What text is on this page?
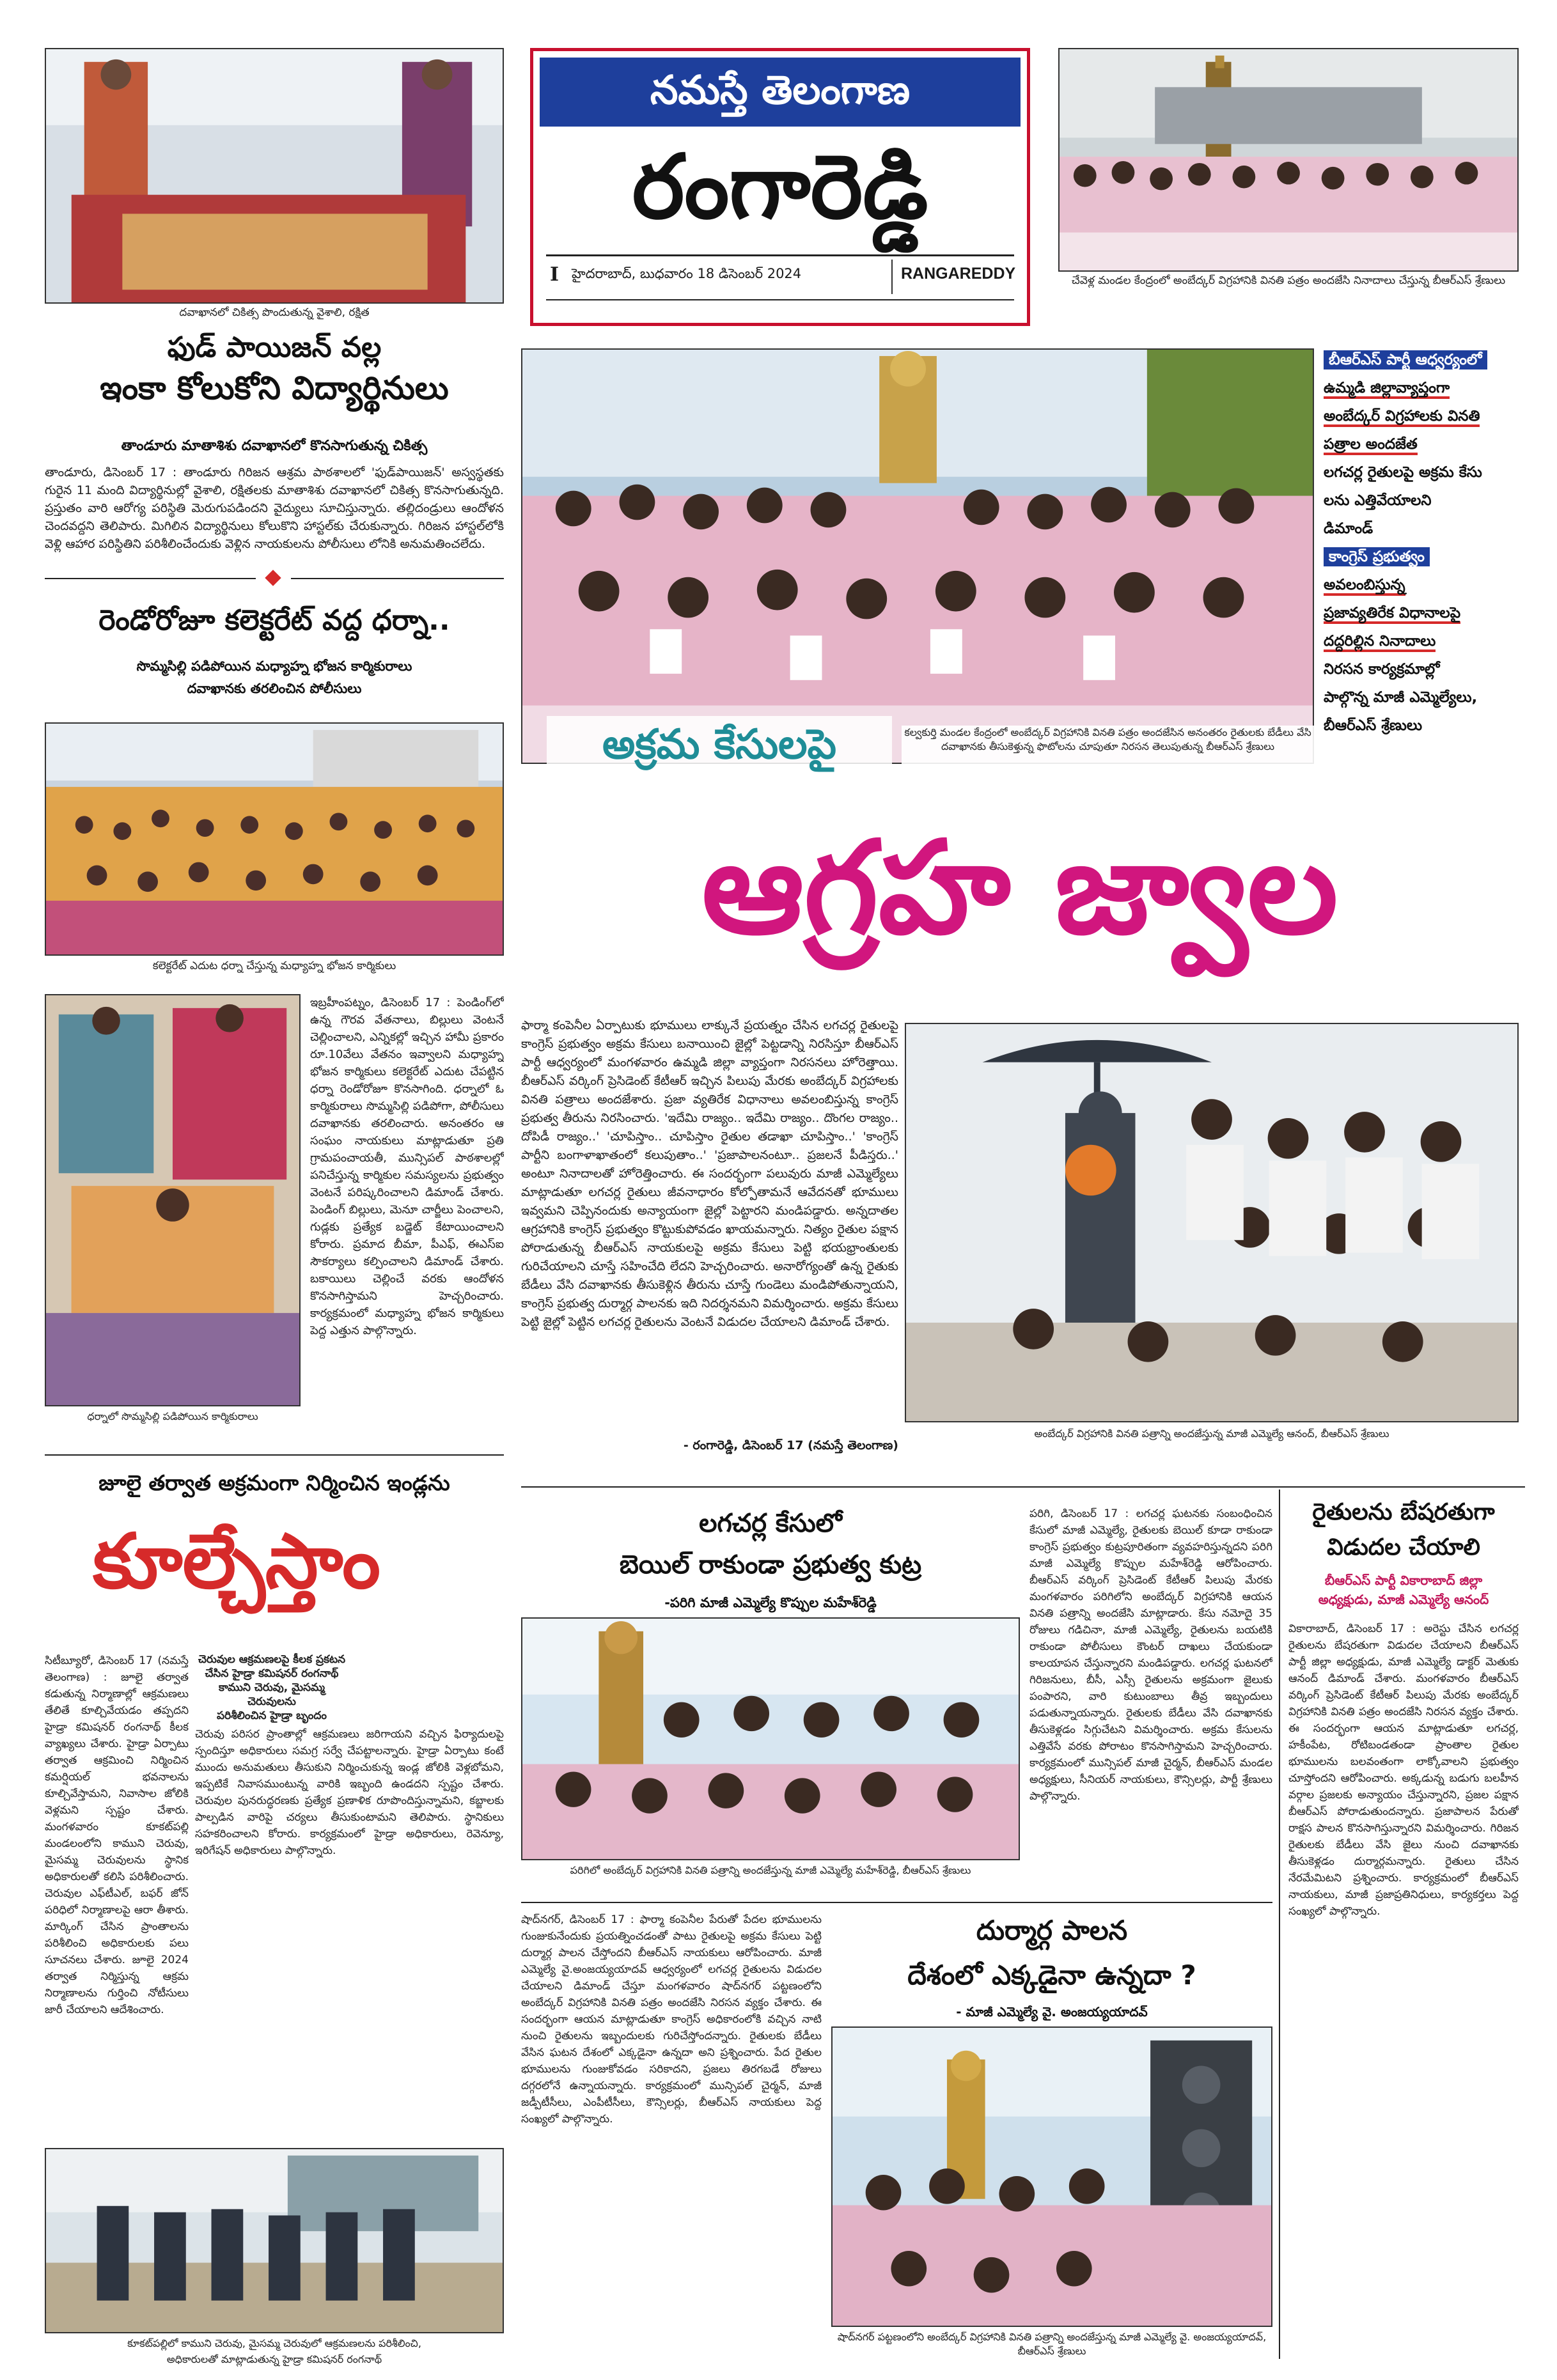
నమస్తే తెలంగాణ
రంగారెడ్డి
I హైదరాబాద్, బుధవారం 18 డిసెంబర్ 2024	RANGAREDDY	చేవెళ్ల మండల కేంద్రంలో అంబేద్కర్ విగ్రహానికి వినతి పత్రం అందజేసి నినాదాలు చేస్తున్న బీఆర్ఎస్ శ్రేణులు
దవాఖానలో చికిత్స పొందుతున్న వైశాలి, రక్షిత
ఫుడ్ పాయిజన్ వల్ల
ఇంకా కోలుకోని విద్యార్థినులు
తాండూరు మాతాశిశు దవాఖానలో కొనసాగుతున్న చికిత్స
తాండూరు, డిసెంబర్ 17 : తాండూరు గిరిజన ఆశ్రమ పాఠశాలలో 'ఫుడ్‌పాయిజన్‌' అస్వస్థతకు గురైన 11 మంది విద్యార్థినుల్లో వైశాలి, రక్షితలకు మాతాశిశు దవాఖానలో చికిత్స కొనసాగుతున్నది. ప్రస్తుతం వారి ఆరోగ్య పరిస్థితి మెరుగుపడిందని వైద్యులు సూచిస్తున్నారు. తల్లిదండ్రులు ఆందోళన చెందవద్దని తెలిపారు. మిగిలిన విద్యార్థినులు కోలుకొని హాస్టల్‌కు చేరుకున్నారు. గిరిజన హాస్టల్‌లోకి వెళ్లి ఆహార పరిస్థితిని పరిశీలించేందుకు వెళ్లిన నాయకులను పోలీసులు లోనికి అనుమతించలేదు.
రెండోరోజూ కలెక్టరేట్ వద్ద ధర్నా..
సొమ్మసిల్లి పడిపోయిన మధ్యాహ్న భోజన కార్మికురాలు
దవాఖానకు తరలించిన పోలీసులు
కలెక్టరేట్ ఎదుట ధర్నా చేస్తున్న మధ్యాహ్న భోజన కార్మికులు
ధర్నాలో సొమ్మసిల్లి పడిపోయిన కార్మికురాలు
ఇబ్రహీంపట్నం, డిసెంబర్ 17 : పెండింగ్‌లో ఉన్న గౌరవ వేతనాలు, బిల్లులు వెంటనే చెల్లించాలని, ఎన్నికల్లో ఇచ్చిన హామీ ప్రకారం రూ.10వేలు వేతనం ఇవ్వాలని మధ్యాహ్న భోజన కార్మికులు కలెక్టరేట్ ఎదుట చేపట్టిన ధర్నా రెండోరోజూ కొనసాగింది. ధర్నాలో ఓ కార్మికురాలు సొమ్మసిల్లి పడిపోగా, పోలీసులు దవాఖానకు తరలించారు. అనంతరం ఆ సంఘం నాయకులు మాట్లాడుతూ ప్రతి గ్రామపంచాయతీ, మున్సిపల్ పాఠశాలల్లో పనిచేస్తున్న కార్మికుల సమస్యలను ప్రభుత్వం వెంటనే పరిష్కరించాలని డిమాండ్ చేశారు. పెండింగ్ బిల్లులు, మెనూ చార్జీలు పెంచాలని, గుడ్లకు ప్రత్యేక బడ్జెట్ కేటాయించాలని కోరారు. ప్రమాద బీమా, పీఎఫ్, ఈఎస్ఐ సౌకర్యాలు కల్పించాలని డిమాండ్ చేశారు. బకాయిలు చెల్లించే వరకు ఆందోళన కొనసాగిస్తామని హెచ్చరించారు. కార్యక్రమంలో మధ్యాహ్న భోజన కార్మికులు పెద్ద ఎత్తున పాల్గొన్నారు.
జూలై తర్వాత అక్రమంగా నిర్మించిన ఇండ్లను
కూల్చేస్తాం
చెరువుల ఆక్రమణలపై కీలక ప్రకటన
చేసిన హైడ్రా కమిషనర్ రంగనాథ్
కాముని చెరువు, మైసమ్మ చెరువులను
పరిశీలించిన హైడ్రా బృందం
సిటీబ్యూరో, డిసెంబర్ 17 (నమస్తే తెలంగాణ) : జూలై తర్వాత కడుతున్న నిర్మాణాల్లో ఆక్రమణలు తేలితే కూల్చివేయడం తప్పదని హైడ్రా కమిషనర్ రంగనాథ్ కీలక వ్యాఖ్యలు చేశారు. హైడ్రా ఏర్పాటు తర్వాత ఆక్రమించి నిర్మించిన కమర్షియల్ భవనాలను కూల్చివేస్తామని, నివాసాల జోలికి వెళ్లమని స్పష్టం చేశారు. మంగళవారం కూకట్‌పల్లి మండలంలోని కాముని చెరువు, మైసమ్మ చెరువులను స్థానిక అధికారులతో కలిసి పరిశీలించారు. చెరువుల ఎఫ్‌టీఎల్, బఫర్ జోన్ పరిధిలో నిర్మాణాలపై ఆరా తీశారు. మార్కింగ్ చేసిన ప్రాంతాలను పరిశీలించి అధికారులకు పలు సూచనలు చేశారు. జూలై 2024 తర్వాత నిర్మిస్తున్న ఆక్రమ నిర్మాణాలను గుర్తించి నోటీసులు జారీ చేయాలని ఆదేశించారు.
చెరువు పరిసర ప్రాంతాల్లో ఆక్రమణలు జరిగాయని వచ్చిన ఫిర్యాదులపై స్పందిస్తూ అధికారులు సమగ్ర సర్వే చేపట్టాలన్నారు. హైడ్రా ఏర్పాటు కంటే ముందు అనుమతులు తీసుకుని నిర్మించుకున్న ఇండ్ల జోలికి వెళ్లబోమని, ఇప్పటికే నివాసముంటున్న వారికి ఇబ్బంది ఉండదని స్పష్టం చేశారు. చెరువుల పునరుద్ధరణకు ప్రత్యేక ప్రణాళిక రూపొందిస్తున్నామని, కబ్జాలకు పాల్పడిన వారిపై చర్యలు తీసుకుంటామని తెలిపారు. స్థానికులు సహకరించాలని కోరారు. కార్యక్రమంలో హైడ్రా అధికారులు, రెవెన్యూ, ఇరిగేషన్ అధికారులు పాల్గొన్నారు.
కూకట్‌పల్లిలో కాముని చెరువు, మైసమ్మ చెరువులో ఆక్రమణలను పరిశీలించి,
అధికారులతో మాట్లాడుతున్న హైడ్రా కమిషనర్ రంగనాథ్
అక్రమ కేసులపై	కల్వకుర్తి మండల కేంద్రంలో అంబేద్కర్ విగ్రహానికి వినతి పత్రం అందజేసిన అనంతరం రైతులకు బేడీలు వేసి దవాఖానకు తీసుకెళ్తున్న ఫొటోలను చూపుతూ నిరసన తెలుపుతున్న బీఆర్ఎస్ శ్రేణులు
ఆగ్రహ జ్వాల
బీఆర్ఎస్ పార్టీ ఆధ్వర్యంలో
ఉమ్మడి జిల్లావ్యాప్తంగా
అంబేద్కర్ విగ్రహాలకు వినతి
పత్రాల అందజేత
లగచర్ల రైతులపై అక్రమ కేసు
లను ఎత్తివేయాలని
డిమాండ్
కాంగ్రెస్ ప్రభుత్వం
అవలంబిస్తున్న
ప్రజావ్యతిరేక విధానాలపై
దద్దరిల్లిన నినాదాలు
నిరసన కార్యక్రమాల్లో
పాల్గొన్న మాజీ ఎమ్మెల్యేలు,
బీఆర్ఎస్ శ్రేణులు
ఫార్మా కంపెనీల ఏర్పాటుకు భూములు లాక్కునే ప్రయత్నం చేసిన లగచర్ల రైతులపై కాంగ్రెస్ ప్రభుత్వం అక్రమ కేసులు బనాయించి జైల్లో పెట్టడాన్ని నిరసిస్తూ బీఆర్ఎస్ పార్టీ ఆధ్వర్యంలో మంగళవారం ఉమ్మడి జిల్లా వ్యాప్తంగా నిరసనలు హోరెత్తాయి. బీఆర్ఎస్ వర్కింగ్ ప్రెసిడెంట్ కేటీఆర్ ఇచ్చిన పిలుపు మేరకు అంబేద్కర్ విగ్రహాలకు వినతి పత్రాలు అందజేశారు. ప్రజా వ్యతిరేక విధానాలు అవలంబిస్తున్న కాంగ్రెస్ ప్రభుత్వ తీరును నిరసించారు. 'ఇదేమి రాజ్యం.. ఇదేమి రాజ్యం.. దొంగల రాజ్యం.. దోపిడీ రాజ్యం..' 'చూపిస్తాం.. చూపిస్తాం రైతుల తడాఖా చూపిస్తాం..' 'కాంగ్రెస్ పార్టీని బంగాళాఖాతంలో కలుపుతాం..' 'ప్రజాపాలనంటూ.. ప్రజలనే పీడిస్తరు..' అంటూ నినాదాలతో హోరెత్తించారు. ఈ సందర్భంగా పలువురు మాజీ ఎమ్మెల్యేలు మాట్లాడుతూ లగచర్ల రైతులు జీవనాధారం కోల్పోతామనే ఆవేదనతో భూములు ఇవ్వమని చెప్పినందుకు అన్యాయంగా జైల్లో పెట్టారని మండిపడ్డారు. అన్నదాతల ఆగ్రహానికి కాంగ్రెస్ ప్రభుత్వం కొట్టుకుపోవడం ఖాయమన్నారు. నిత్యం రైతుల పక్షాన పోరాడుతున్న బీఆర్ఎస్ నాయకులపై అక్రమ కేసులు పెట్టి భయభ్రాంతులకు గురిచేయాలని చూస్తే సహించేది లేదని హెచ్చరించారు. అనారోగ్యంతో ఉన్న రైతుకు బేడీలు వేసి దవాఖానకు తీసుకెళ్లిన తీరును చూస్తే గుండెలు మండిపోతున్నాయని, కాంగ్రెస్ ప్రభుత్వ దుర్మార్గ పాలనకు ఇది నిదర్శనమని విమర్శించారు. అక్రమ కేసులు పెట్టి జైల్లో పెట్టిన లగచర్ల రైతులను వెంటనే విడుదల చేయాలని డిమాండ్ చేశారు.
- రంగారెడ్డి, డిసెంబర్ 17 (నమస్తే తెలంగాణ)
అంబేద్కర్ విగ్రహానికి వినతి పత్రాన్ని అందజేస్తున్న మాజీ ఎమ్మెల్యే ఆనంద్, బీఆర్ఎస్ శ్రేణులు
లగచర్ల కేసులో
బెయిల్ రాకుండా ప్రభుత్వ కుట్ర
-పరిగి మాజీ ఎమ్మెల్యే కొప్పుల మహేశ్‌రెడ్డి
పరిగిలో అంబేద్కర్ విగ్రహానికి వినతి పత్రాన్ని అందజేస్తున్న మాజీ ఎమ్మెల్యే మహేశ్‌రెడ్డి, బీఆర్ఎస్ శ్రేణులు
పరిగి, డిసెంబర్ 17 : లగచర్ల ఘటనకు సంబంధించిన కేసులో మాజీ ఎమ్మెల్యే, రైతులకు బెయిల్ కూడా రాకుండా కాంగ్రెస్ ప్రభుత్వం కుట్రపూరితంగా వ్యవహరిస్తున్నదని పరిగి మాజీ ఎమ్మెల్యే కొప్పుల మహేశ్‌రెడ్డి ఆరోపించారు. బీఆర్ఎస్ వర్కింగ్ ప్రెసిడెంట్ కేటీఆర్ పిలుపు మేరకు మంగళవారం పరిగిలోని అంబేద్కర్ విగ్రహానికి ఆయన వినతి పత్రాన్ని అందజేసి మాట్లాడారు. కేసు నమోదై 35 రోజులు గడిచినా, మాజీ ఎమ్మెల్యే, రైతులను బయటికి రాకుండా పోలీసులు కౌంటర్ దాఖలు చేయకుండా కాలయాపన చేస్తున్నారని మండిపడ్డారు. లగచర్ల ఘటనలో గిరిజనులు, బీసీ, ఎస్సీ రైతులను అక్రమంగా జైలుకు పంపారని, వారి కుటుంబాలు తీవ్ర ఇబ్బందులు పడుతున్నాయన్నారు. రైతులకు బేడీలు వేసి దవాఖానకు తీసుకెళ్లడం సిగ్గుచేటని విమర్శించారు. అక్రమ కేసులను ఎత్తివేసే వరకు పోరాటం కొనసాగిస్తామని హెచ్చరించారు. కార్యక్రమంలో మున్సిపల్ మాజీ చైర్మన్, బీఆర్ఎస్ మండల అధ్యక్షులు, సీనియర్ నాయకులు, కౌన్సిలర్లు, పార్టీ శ్రేణులు పాల్గొన్నారు.
రైతులను బేషరతుగా
విడుదల చేయాలి
బీఆర్ఎస్ పార్టీ వికారాబాద్ జిల్లా
అధ్యక్షుడు, మాజీ ఎమ్మెల్యే ఆనంద్
వికారాబాద్, డిసెంబర్ 17 : అరెస్టు చేసిన లగచర్ల రైతులను బేషరతుగా విడుదల చేయాలని బీఆర్ఎస్ పార్టీ జిల్లా అధ్యక్షుడు, మాజీ ఎమ్మెల్యే డాక్టర్ మెతుకు ఆనంద్ డిమాండ్ చేశారు. మంగళవారం బీఆర్ఎస్ వర్కింగ్ ప్రెసిడెంట్ కేటీఆర్ పిలుపు మేరకు అంబేద్కర్ విగ్రహానికి వినతి పత్రం అందజేసి నిరసన వ్యక్తం చేశారు. ఈ సందర్భంగా ఆయన మాట్లాడుతూ లగచర్ల, హకీంపేట, రోటిబండతండా ప్రాంతాల రైతుల భూములను బలవంతంగా లాక్కోవాలని ప్రభుత్వం చూస్తోందని ఆరోపించారు. అక్కడున్న బడుగు బలహీన వర్గాల ప్రజలకు అన్యాయం చేస్తున్నారని, ప్రజల పక్షాన బీఆర్ఎస్ పోరాడుతుందన్నారు. ప్రజాపాలన పేరుతో రాక్షస పాలన కొనసాగిస్తున్నారని విమర్శించారు. గిరిజన రైతులకు బేడీలు వేసి జైలు నుంచి దవాఖానకు తీసుకెళ్లడం దుర్మార్గమన్నారు. రైతులు చేసిన నేరమేమిటని ప్రశ్నించారు. కార్యక్రమంలో బీఆర్ఎస్ నాయకులు, మాజీ ప్రజాప్రతినిధులు, కార్యకర్తలు పెద్ద సంఖ్యలో పాల్గొన్నారు.
షాద్‌నగర్, డిసెంబర్ 17 : ఫార్మా కంపెనీల పేరుతో పేదల భూములను గుంజుకునేందుకు ప్రయత్నించడంతో పాటు రైతులపై అక్రమ కేసులు పెట్టి దుర్మార్గ పాలన చేస్తోందని బీఆర్ఎస్ నాయకులు ఆరోపించారు. మాజీ ఎమ్మెల్యే వై.అంజయ్యయాదవ్ ఆధ్వర్యంలో లగచర్ల రైతులను విడుదల చేయాలని డిమాండ్ చేస్తూ మంగళవారం షాద్‌నగర్ పట్టణంలోని అంబేద్కర్ విగ్రహానికి వినతి పత్రం అందజేసి నిరసన వ్యక్తం చేశారు. ఈ సందర్భంగా ఆయన మాట్లాడుతూ కాంగ్రెస్ అధికారంలోకి వచ్చిన నాటి నుంచి రైతులను ఇబ్బందులకు గురిచేస్తోందన్నారు. రైతులకు బేడీలు వేసిన ఘటన దేశంలో ఎక్కడైనా ఉన్నదా అని ప్రశ్నించారు. పేద రైతుల భూములను గుంజుకోవడం సరికాదని, ప్రజలు తిరగబడే రోజులు దగ్గరలోనే ఉన్నాయన్నారు. కార్యక్రమంలో మున్సిపల్ చైర్మన్, మాజీ జడ్పీటీసీలు, ఎంపీటీసీలు, కౌన్సిలర్లు, బీఆర్ఎస్ నాయకులు పెద్ద సంఖ్యలో పాల్గొన్నారు.
దుర్మార్గ పాలన
దేశంలో ఎక్కడైనా ఉన్నదా ?
- మాజీ ఎమ్మెల్యే వై. అంజయ్యయాదవ్
షాద్‌నగర్ పట్టణంలోని అంబేద్కర్ విగ్రహానికి వినతి పత్రాన్ని అందజేస్తున్న మాజీ ఎమ్మెల్యే వై. అంజయ్యయాదవ్, బీఆర్ఎస్ శ్రేణులు
